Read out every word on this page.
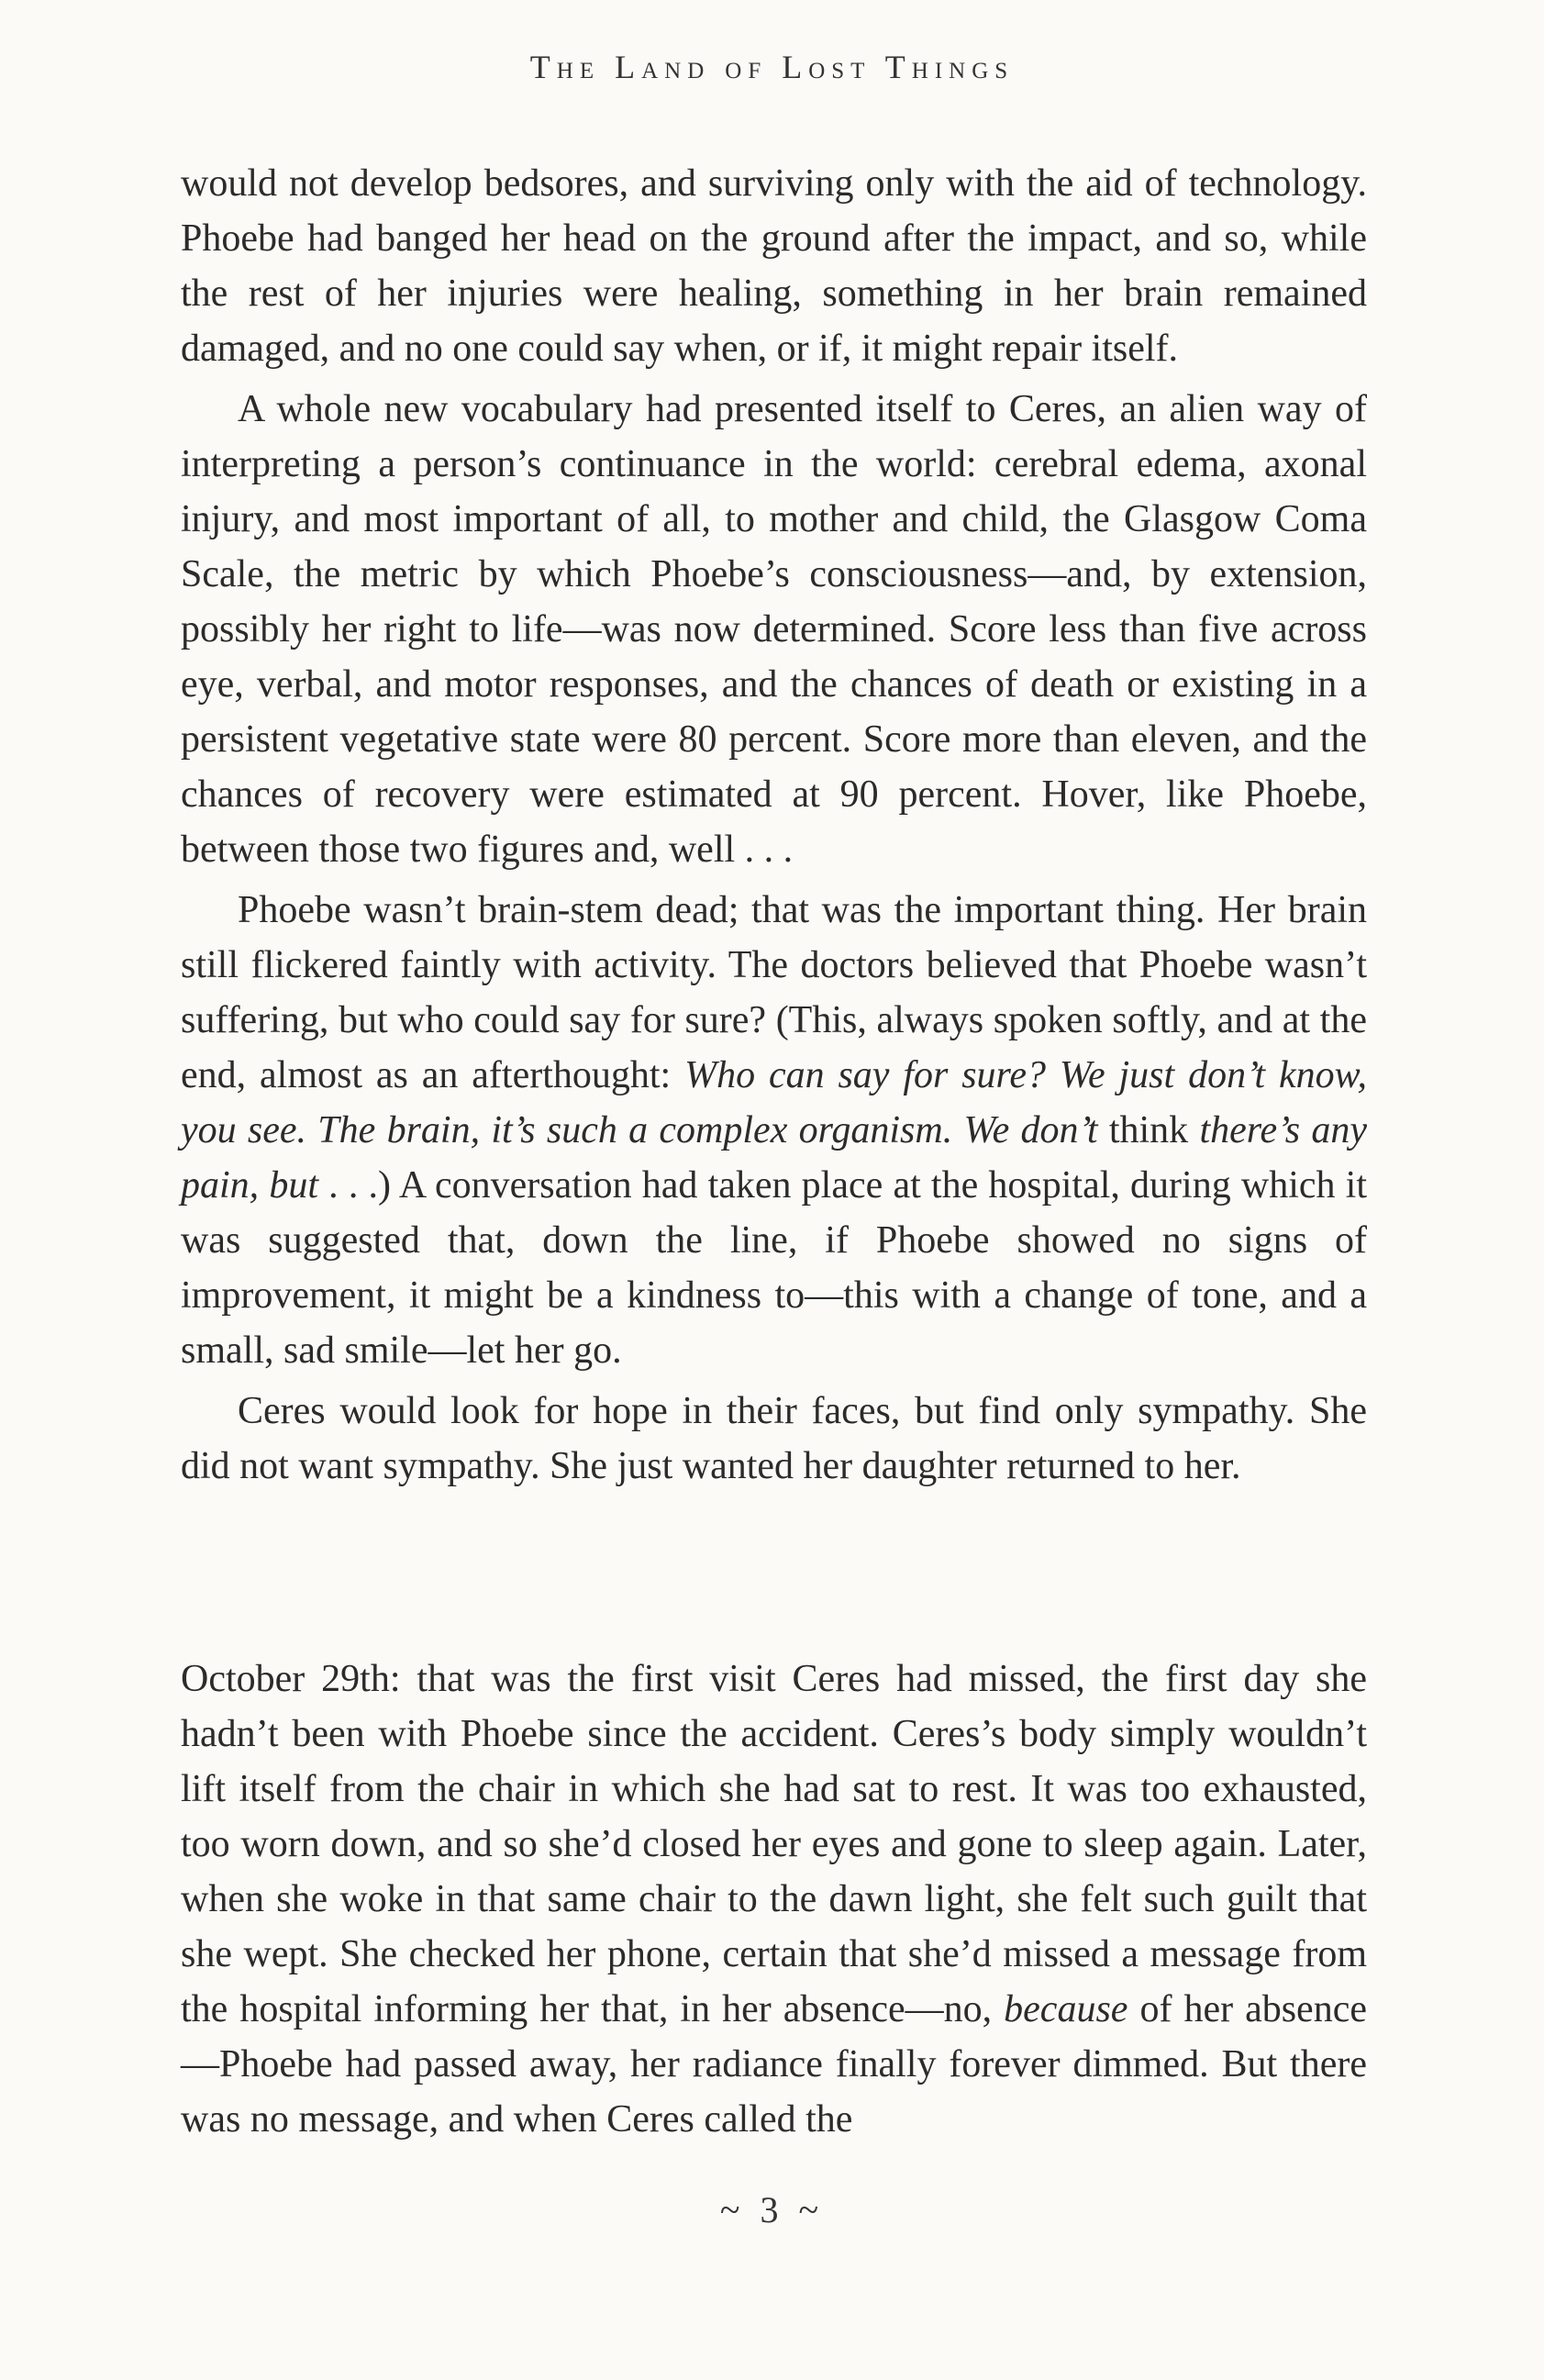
The Land of Lost Things

would not develop bedsores, and surviving only with the aid of technology. Phoebe had banged her head on the ground after the impact, and so, while the rest of her injuries were healing, something in her brain remained damaged, and no one could say when, or if, it might repair itself.

A whole new vocabulary had presented itself to Ceres, an alien way of interpreting a person’s continuance in the world: cerebral edema, axonal injury, and most important of all, to mother and child, the Glasgow Coma Scale, the metric by which Phoebe’s consciousness—and, by extension, possibly her right to life—was now determined. Score less than five across eye, verbal, and motor responses, and the chances of death or existing in a persistent vegetative state were 80 percent. Score more than eleven, and the chances of recovery were estimated at 90 percent. Hover, like Phoebe, between those two figures and, well . . .

Phoebe wasn’t brain-stem dead; that was the important thing. Her brain still flickered faintly with activity. The doctors believed that Phoebe wasn’t suffering, but who could say for sure? (This, always spoken softly, and at the end, almost as an afterthought: Who can say for sure? We just don’t know, you see. The brain, it’s such a complex organism. We don’t think there’s any pain, but . . .) A conversation had taken place at the hospital, during which it was suggested that, down the line, if Phoebe showed no signs of improvement, it might be a kindness to—this with a change of tone, and a small, sad smile—let her go.

Ceres would look for hope in their faces, but find only sympathy. She did not want sympathy. She just wanted her daughter returned to her.

October 29th: that was the first visit Ceres had missed, the first day she hadn’t been with Phoebe since the accident. Ceres’s body simply wouldn’t lift itself from the chair in which she had sat to rest. It was too exhausted, too worn down, and so she’d closed her eyes and gone to sleep again. Later, when she woke in that same chair to the dawn light, she felt such guilt that she wept. She checked her phone, certain that she’d missed a message from the hospital informing her that, in her absence—no, because of her absence—Phoebe had passed away, her radiance finally forever dimmed. But there was no message, and when Ceres called the

~ 3 ~
